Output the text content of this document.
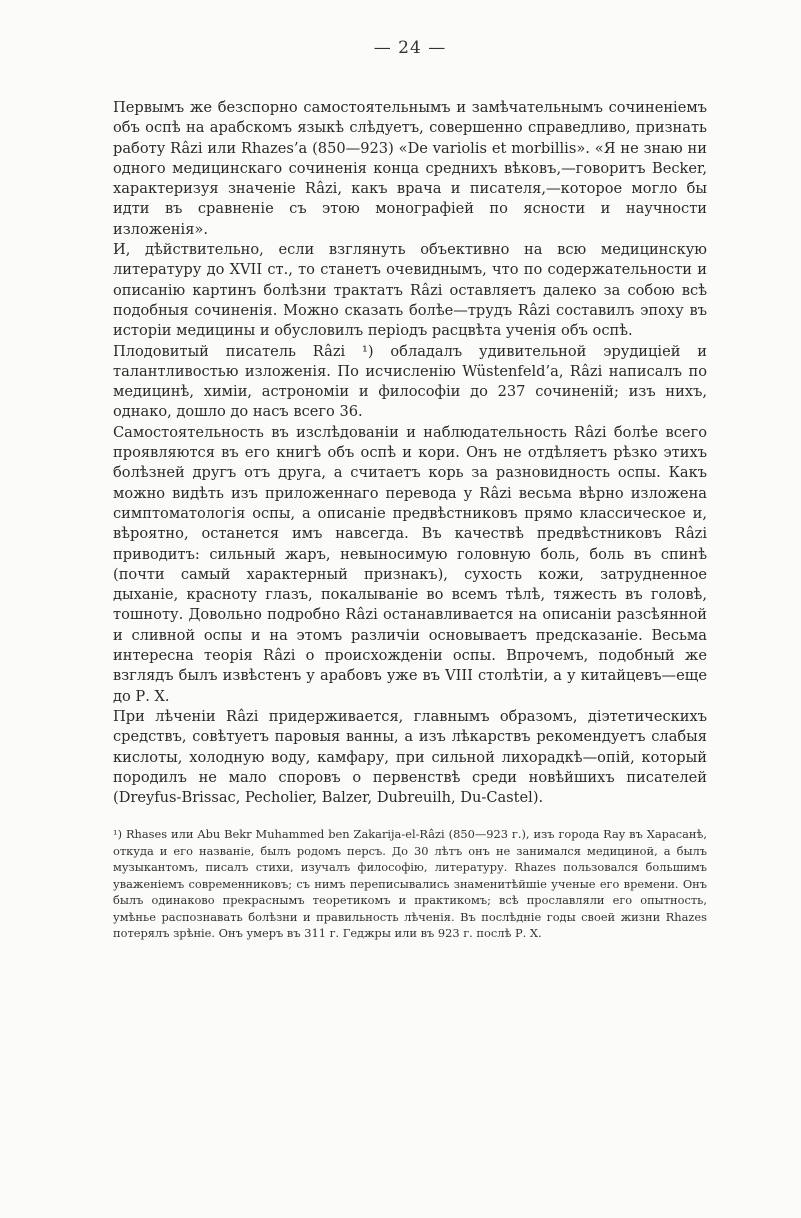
— 24 —

Первымъ же безспорно самостоятельнымъ и замѣчательнымъ сочиненіемъ объ оспѣ на арабскомъ языкѣ слѣдуетъ, совершенно справедливо, признать работу Râzi или Rhazes’a (850—923) «De variolis et morbillis». «Я не знаю ни одного медицинскаго сочиненія конца среднихъ вѣковъ,—говоритъ Becker, характеризуя значеніе Râzi, какъ врача и писателя,—которое могло бы идти въ сравненіе съ этою монографіей по ясности и научности изложенія».

И, дѣйствительно, если взглянуть объективно на всю медицинскую литературу до XVII ст., то станетъ очевиднымъ, что по содержательности и описанію картинъ болѣзни трактатъ Râzi оставляетъ далеко за собою всѣ подобныя сочиненія. Можно сказать болѣе—трудъ Râzi составилъ эпоху въ исторіи медицины и обусловилъ періодъ расцвѣта ученія объ оспѣ.

Плодовитый писатель Râzi ¹) обладалъ удивительной эрудиціей и талантливостью изложенія. По исчисленію Wüstenfeld’a, Râzi написалъ по медицинѣ, химіи, астрономіи и философіи до 237 сочиненій; изъ нихъ, однако, дошло до насъ всего 36.

Самостоятельность въ изслѣдованіи и наблюдательность Râzi болѣе всего проявляются въ его книгѣ объ оспѣ и кори. Онъ не отдѣляетъ рѣзко этихъ болѣзней другъ отъ друга, а считаетъ корь за разновидность оспы. Какъ можно видѣть изъ приложеннаго перевода у Râzi весьма вѣрно изложена симптоматологія оспы, а описаніе предвѣстниковъ прямо классическое и, вѣроятно, останется имъ навсегда. Въ качествѣ предвѣстниковъ Râzi приводитъ: сильный жаръ, невыносимую головную боль, боль въ спинѣ (почти самый характерный признакъ), сухость кожи, затрудненное дыханіе, красноту глазъ, покалываніе во всемъ тѣлѣ, тяжесть въ головѣ, тошноту. Довольно подробно Râzi останавливается на описаніи разсѣянной и сливной оспы и на этомъ различіи основываетъ предсказаніе. Весьма интересна теорія Râzi о происхожденіи оспы. Впрочемъ, подобный же взглядъ былъ извѣстенъ у арабовъ уже въ VIII столѣтіи, а у китайцевъ—еще до Р. Х.

При лѣченіи Râzi придерживается, главнымъ образомъ, діэтетическихъ средствъ, совѣтуетъ паровыя ванны, а изъ лѣкарствъ рекомендуетъ слабыя кислоты, холодную воду, камфару, при сильной лихорадкѣ—опій, который породилъ не мало споровъ о первенствѣ среди новѣйшихъ писателей (Dreyfus-Brissac, Pecholier, Balzer, Dubreuilh, Du-Castel).

¹) Rhases или Abu Bekr Muhammed ben Zakarija-el-Râzi (850—923 г.), изъ города Ray въ Харасанѣ, откуда и его названіе, былъ родомъ персъ. До 30 лѣтъ онъ не занимался медициной, а былъ музыкантомъ, писалъ стихи, изучалъ философію, литературу. Rhazes пользовался большимъ уваженіемъ современниковъ; съ нимъ переписывались знаменитѣйшіе ученые его времени. Онъ былъ одинаково прекраснымъ теоретикомъ и практикомъ; всѣ прославляли его опытность, умѣнье распознавать болѣзни и правильность лѣченія. Въ послѣдніе годы своей жизни Rhazes потерялъ зрѣніе. Онъ умеръ въ 311 г. Геджры или въ 923 г. послѣ Р. Х.
